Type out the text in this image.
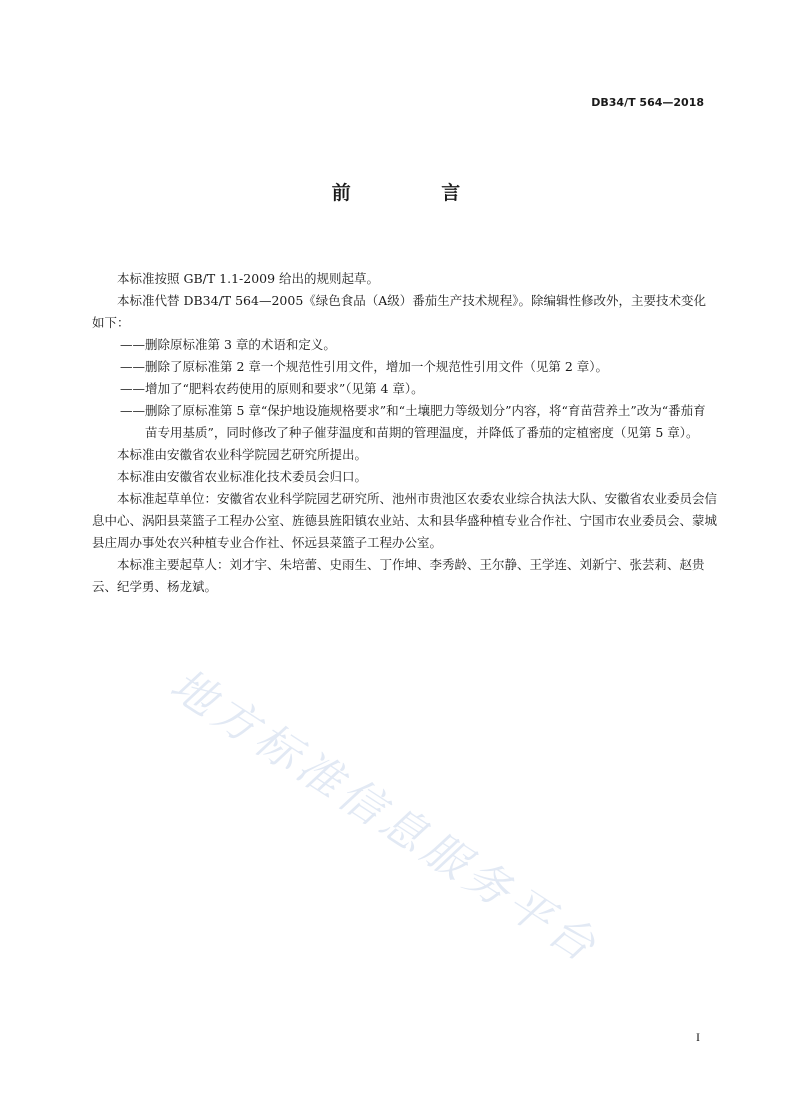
DB34/T 564—2018
前 言

本标准按照 GB/T 1.1-2009 给出的规则起草。

本标准代替 DB34/T 564—2005《绿色食品（A级）番茄生产技术规程》。除编辑性修改外，主要技术变化如下：

——删除原标准第 3 章的术语和定义。

——删除了原标准第 2 章一个规范性引用文件，增加一个规范性引用文件（见第 2 章）。

——增加了“肥料农药使用的原则和要求”（见第 4 章）。

——删除了原标准第 5 章“保护地设施规格要求”和“土壤肥力等级划分”内容，将“育苗营养土”改为“番茄育苗专用基质”，同时修改了种子催芽温度和苗期的管理温度，并降低了番茄的定植密度（见第 5 章）。

本标准由安徽省农业科学院园艺研究所提出。

本标准由安徽省农业标准化技术委员会归口。

本标准起草单位：安徽省农业科学院园艺研究所、池州市贵池区农委农业综合执法大队、安徽省农业委员会信息中心、涡阳县菜篮子工程办公室、旌德县旌阳镇农业站、太和县华盛种植专业合作社、宁国市农业委员会、蒙城县庄周办事处农兴种植专业合作社、怀远县菜篮子工程办公室。

本标准主要起草人：刘才宇、朱培蕾、史雨生、丁作坤、李秀龄、王尔静、王学连、刘新宁、张芸莉、赵贵云、纪学勇、杨龙斌。

地方标准信息服务平台
I
